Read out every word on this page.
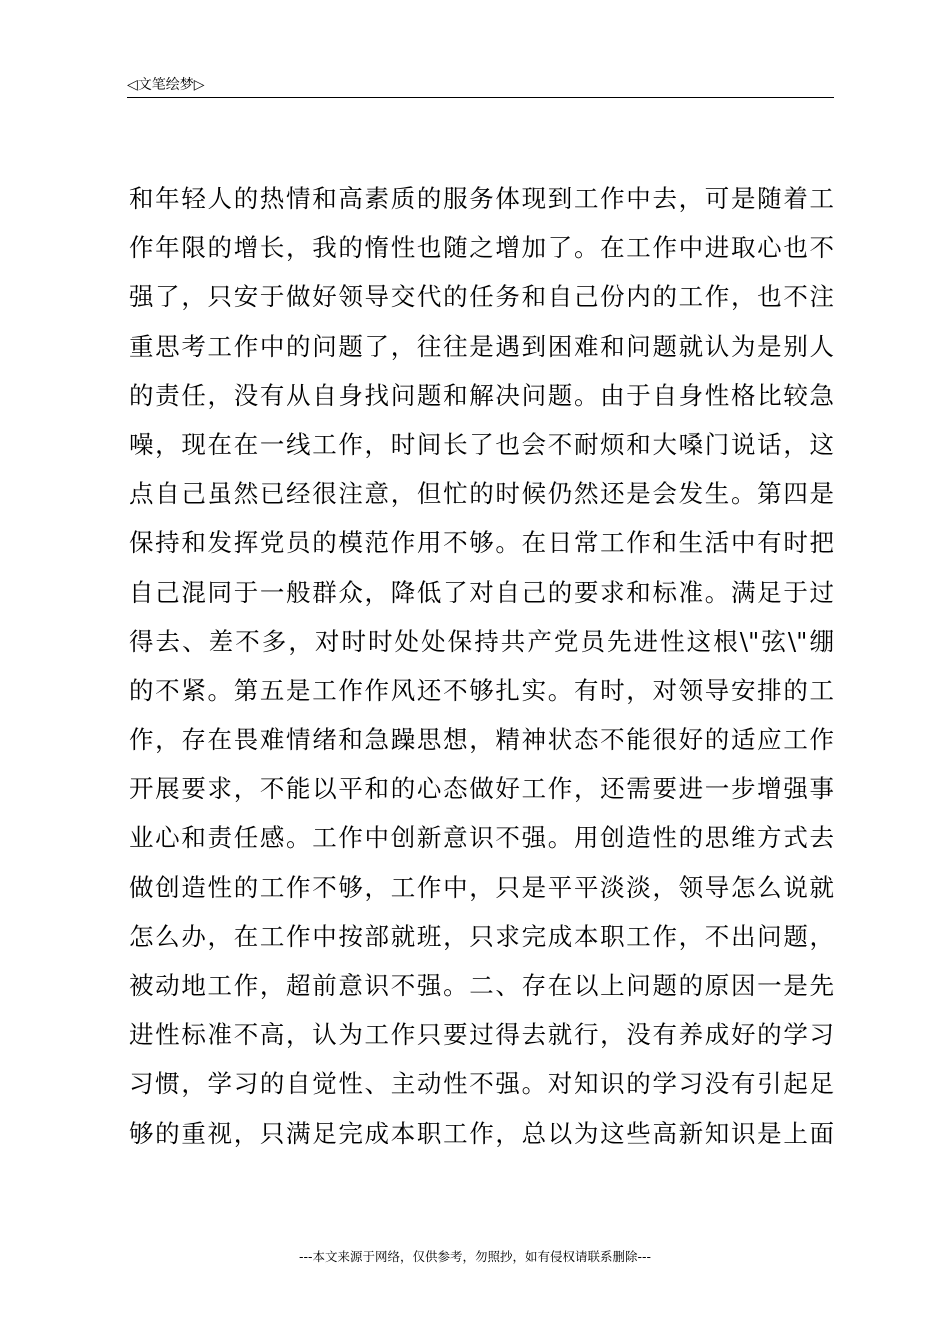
◁文笔绘梦▷
和年轻人的热情和高素质的服务体现到工作中去，可是随着工
作年限的增长，我的惰性也随之增加了。在工作中进取心也不
强了，只安于做好领导交代的任务和自己份内的工作，也不注
重思考工作中的问题了，往往是遇到困难和问题就认为是别人
的责任，没有从自身找问题和解决问题。由于自身性格比较急
噪，现在在一线工作，时间长了也会不耐烦和大嗓门说话，这
点自己虽然已经很注意，但忙的时候仍然还是会发生。第四是
保持和发挥党员的模范作用不够。在日常工作和生活中有时把
自己混同于一般群众，降低了对自己的要求和标准。满足于过
得去、差不多，对时时处处保持共产党员先进性这根\"弦\"绷
的不紧。第五是工作作风还不够扎实。有时，对领导安排的工
作，存在畏难情绪和急躁思想，精神状态不能很好的适应工作
开展要求，不能以平和的心态做好工作，还需要进一步增强事
业心和责任感。工作中创新意识不强。用创造性的思维方式去
做创造性的工作不够，工作中，只是平平淡淡，领导怎么说就
怎么办，在工作中按部就班，只求完成本职工作，不出问题，
被动地工作，超前意识不强。二、存在以上问题的原因一是先
进性标准不高，认为工作只要过得去就行，没有养成好的学习
习惯，学习的自觉性、主动性不强。对知识的学习没有引起足
够的重视，只满足完成本职工作，总以为这些高新知识是上面
---本文来源于网络，仅供参考，勿照抄，如有侵权请联系删除---
